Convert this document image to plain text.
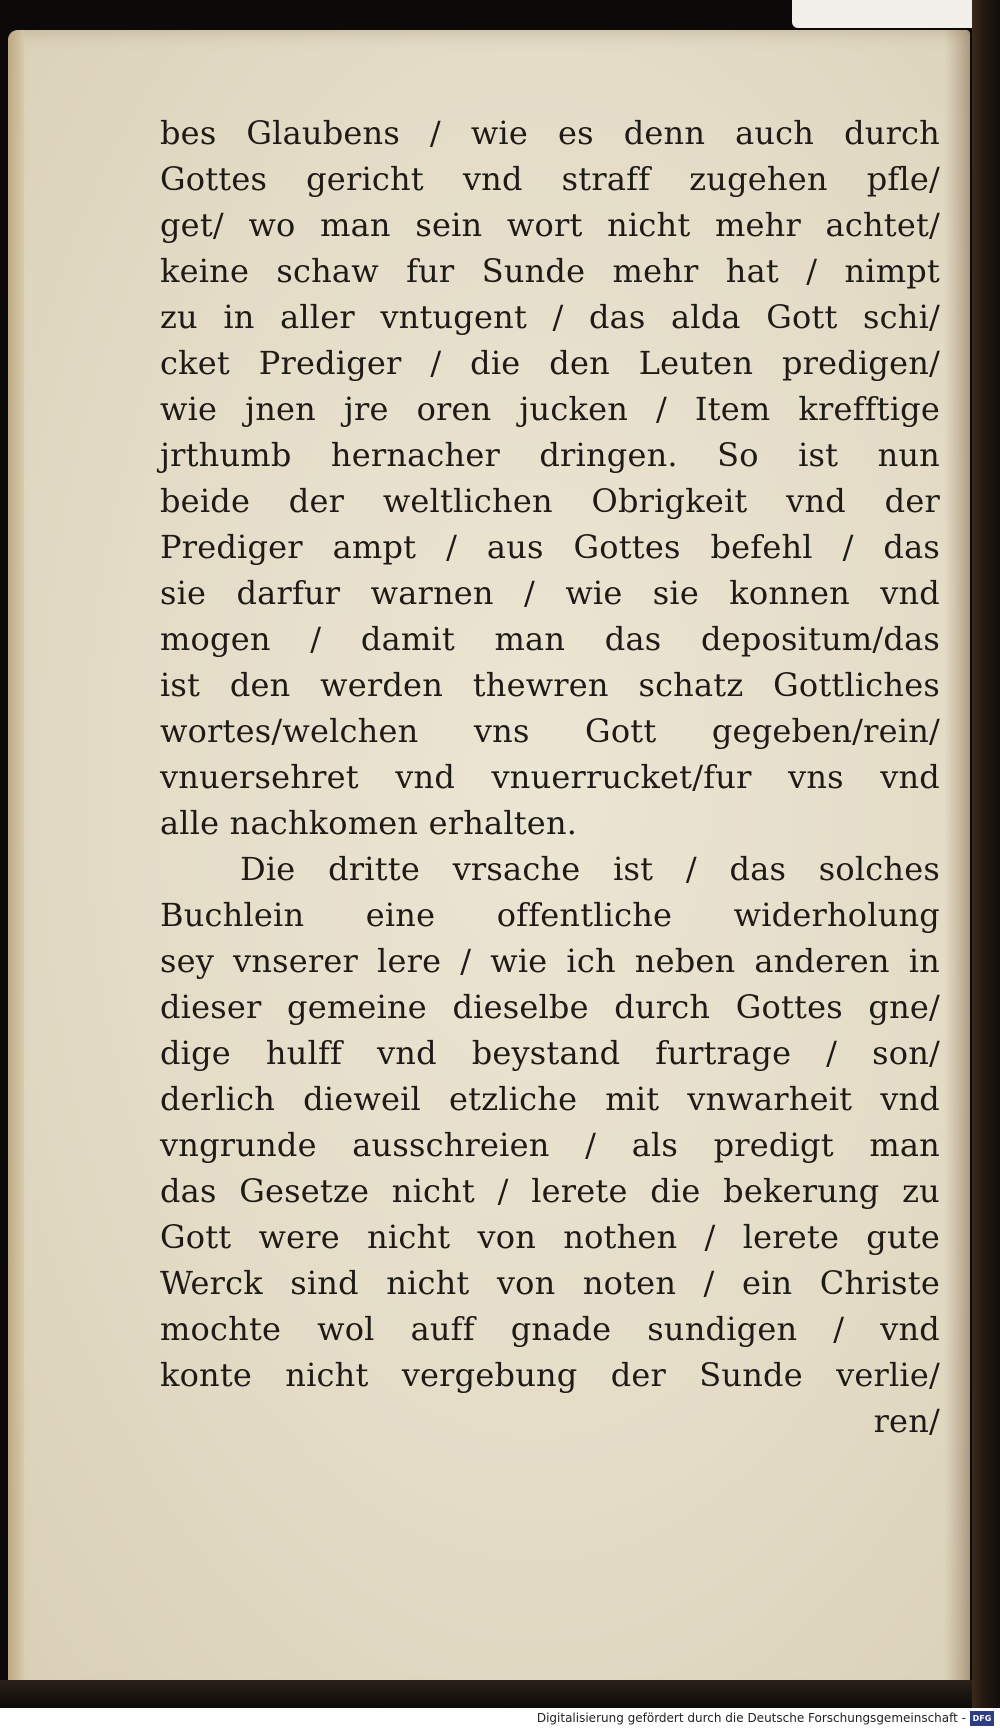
bes Glaubens / wie es denn auch durch
Gottes gericht vnd straff zugehen pfle/
get/ wo man sein wort nicht mehr achtet/
keine schaw fur Sunde mehr hat / nimpt
zu in aller vntugent / das alda Gott schi/
cket Prediger / die den Leuten predigen/
wie jnen jre oren jucken / Item krefftige
jrthumb hernacher dringen. So ist nun
beide der weltlichen Obrigkeit vnd der
Prediger ampt / aus Gottes befehl / das
sie darfur warnen / wie sie konnen vnd
mogen / damit man das depositum/das
ist den werden thewren schatz Gottliches
wortes/welchen vns Gott gegeben/rein/
vnuersehret vnd vnuerrucket/fur vns vnd
alle nachkomen erhalten.
Die dritte vrsache ist / das solches
Buchlein eine offentliche widerholung
sey vnserer lere / wie ich neben anderen in
dieser gemeine dieselbe durch Gottes gne/
dige hulff vnd beystand furtrage / son/
derlich dieweil etzliche mit vnwarheit vnd
vngrunde ausschreien / als predigt man
das Gesetze nicht / lerete die bekerung zu
Gott were nicht von nothen / lerete gute
Werck sind nicht von noten / ein Christe
mochte wol auff gnade sundigen / vnd
konte nicht vergebung der Sunde verlie/
ren/
Digitalisierung gefördert durch die Deutsche Forschungsgemeinschaft - DFG
